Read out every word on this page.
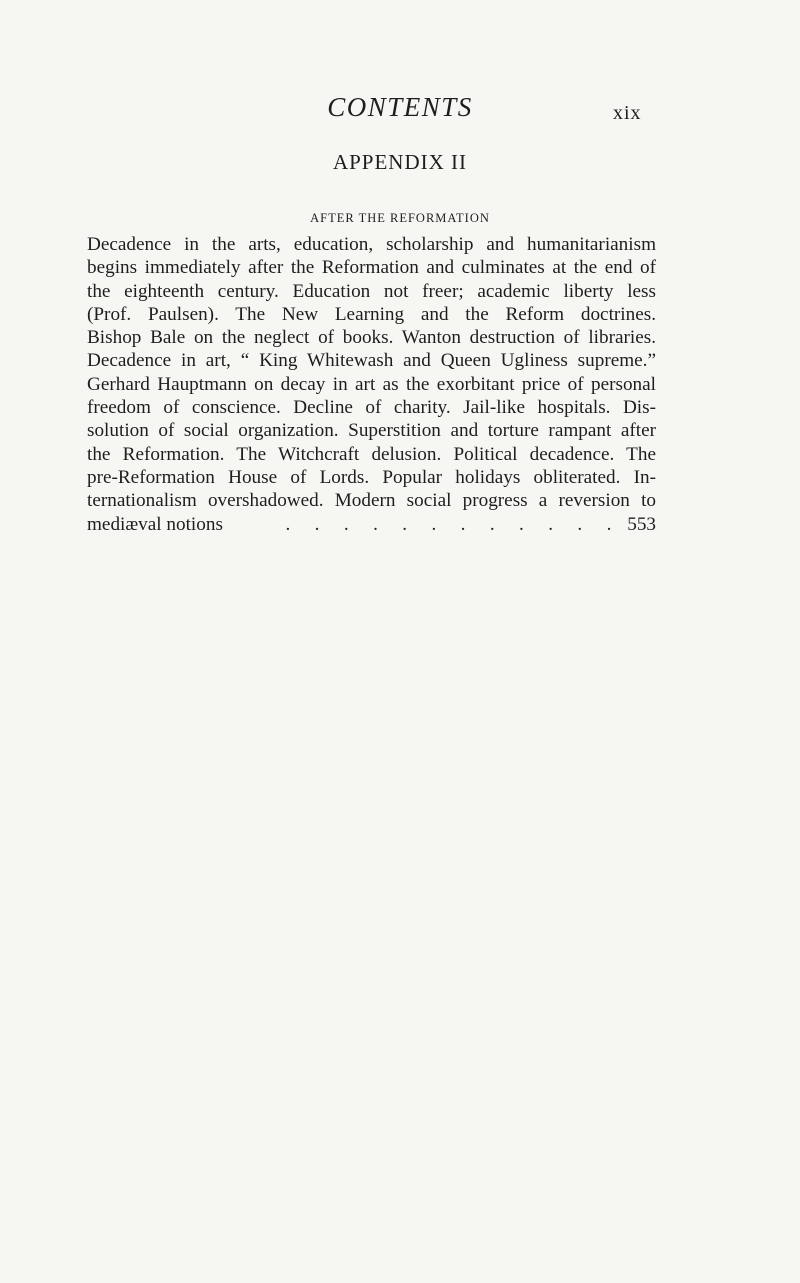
CONTENTS	xix
APPENDIX II
AFTER THE REFORMATION
Decadence in the arts, education, scholarship and humanitarianism
begins immediately after the Reformation and culminates at the end of
the eighteenth century. Education not freer; academic liberty less
(Prof. Paulsen). The New Learning and the Reform doctrines.
Bishop Bale on the neglect of books. Wanton destruction of libraries.
Decadence in art, “ King Whitewash and Queen Ugliness supreme.”
Gerhard Hauptmann on decay in art as the exorbitant price of personal
freedom of conscience. Decline of charity. Jail-like hospitals. Dis-
solution of social organization. Superstition and torture rampant after
the Reformation. The Witchcraft delusion. Political decadence. The
pre-Reformation House of Lords. Popular holidays obliterated. In-
ternationalism overshadowed. Modern social progress a reversion to
mediæval notions	. . . . . . . . . . . . 553
